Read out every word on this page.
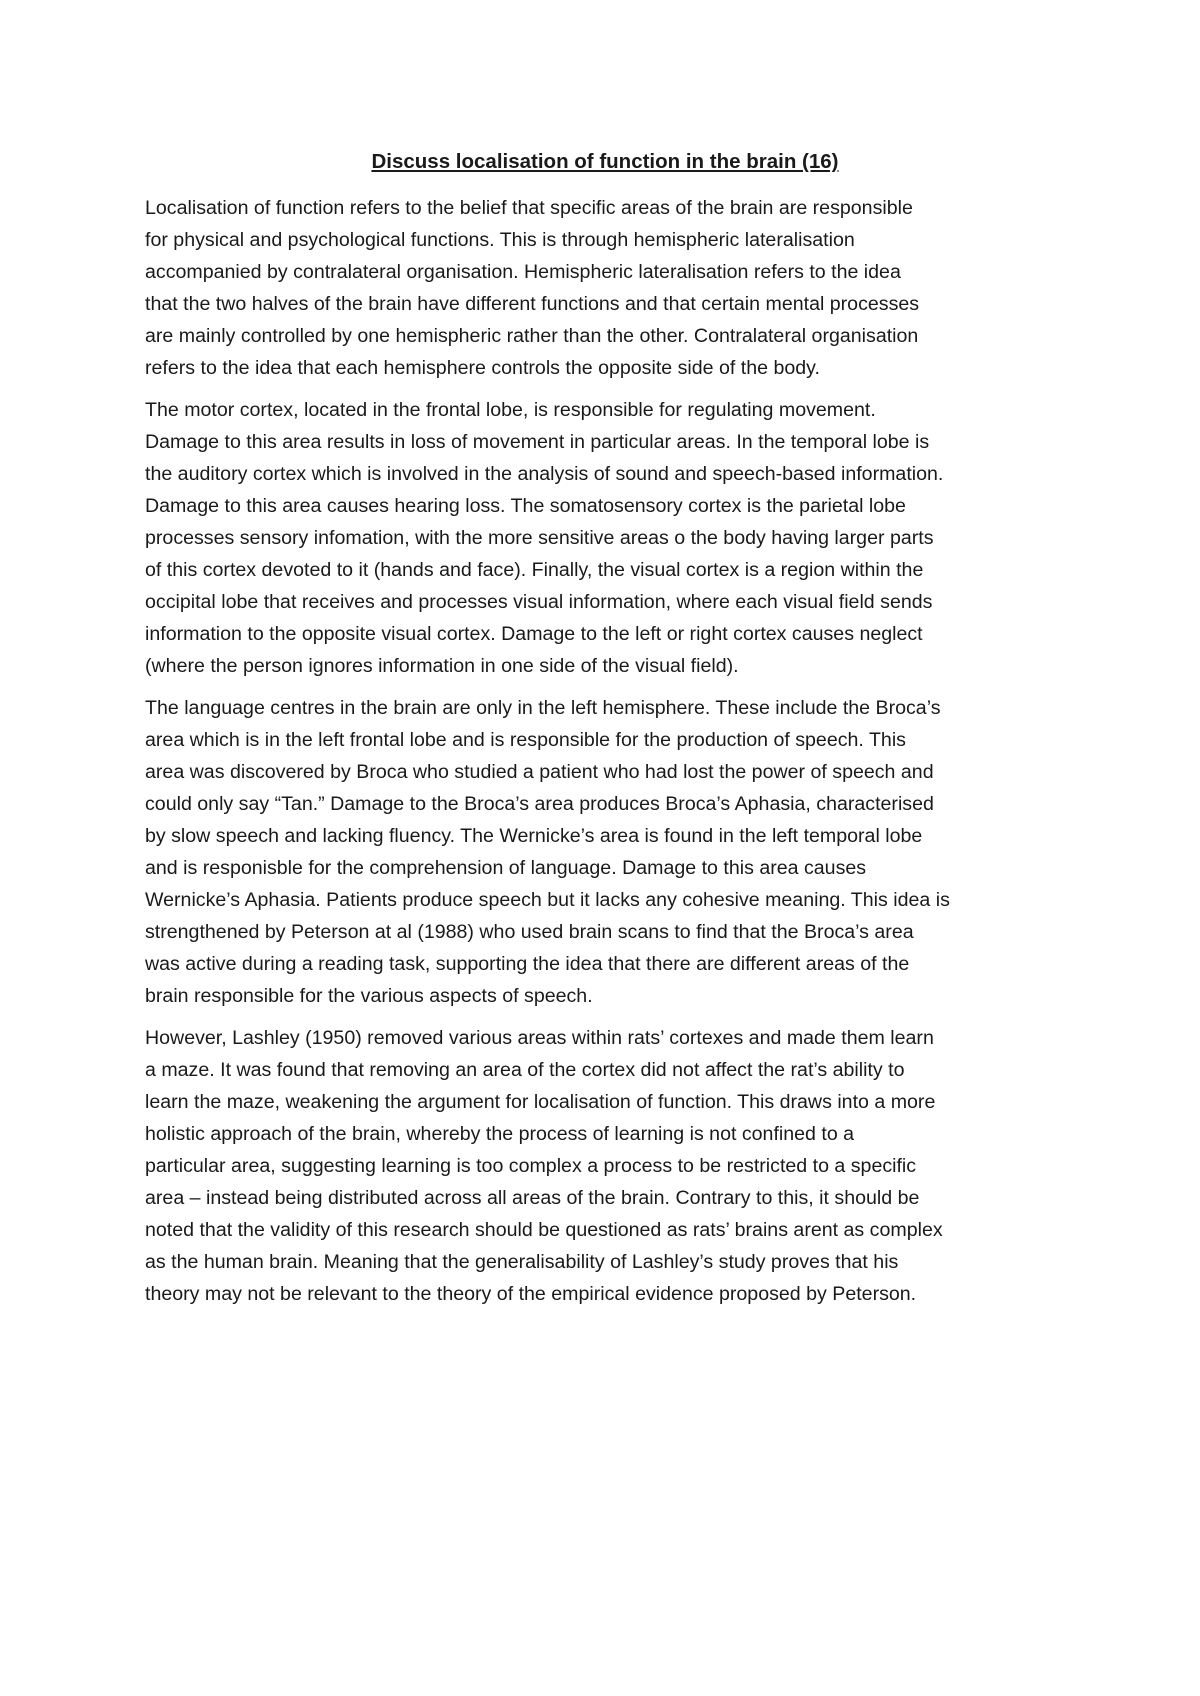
Discuss localisation of function in the brain (16)
Localisation of function refers to the belief that specific areas of the brain are responsible
for physical and psychological functions. This is through hemispheric lateralisation
accompanied by contralateral organisation. Hemispheric lateralisation refers to the idea
that the two halves of the brain have different functions and that certain mental processes
are mainly controlled by one hemispheric rather than the other. Contralateral organisation
refers to the idea that each hemisphere controls the opposite side of the body.
The motor cortex, located in the frontal lobe, is responsible for regulating movement.
Damage to this area results in loss of movement in particular areas. In the temporal lobe is
the auditory cortex which is involved in the analysis of sound and speech-based information.
Damage to this area causes hearing loss. The somatosensory cortex is the parietal lobe
processes sensory infomation, with the more sensitive areas o the body having larger parts
of this cortex devoted to it (hands and face). Finally, the visual cortex is a region within the
occipital lobe that receives and processes visual information, where each visual field sends
information to the opposite visual cortex. Damage to the left or right cortex causes neglect
(where the person ignores information in one side of the visual field).
The language centres in the brain are only in the left hemisphere. These include the Broca’s
area which is in the left frontal lobe and is responsible for the production of speech. This
area was discovered by Broca who studied a patient who had lost the power of speech and
could only say “Tan.” Damage to the Broca’s area produces Broca’s Aphasia, characterised
by slow speech and lacking fluency. The Wernicke’s area is found in the left temporal lobe
and is responisble for the comprehension of language. Damage to this area causes
Wernicke’s Aphasia. Patients produce speech but it lacks any cohesive meaning. This idea is
strengthened by Peterson at al (1988) who used brain scans to find that the Broca’s area
was active during a reading task, supporting the idea that there are different areas of the
brain responsible for the various aspects of speech.
However, Lashley (1950) removed various areas within rats’ cortexes and made them learn
a maze. It was found that removing an area of the cortex did not affect the rat’s ability to
learn the maze, weakening the argument for localisation of function. This draws into a more
holistic approach of the brain, whereby the process of learning is not confined to a
particular area, suggesting learning is too complex a process to be restricted to a specific
area – instead being distributed across all areas of the brain. Contrary to this, it should be
noted that the validity of this research should be questioned as rats’ brains arent as complex
as the human brain. Meaning that the generalisability of Lashley’s study proves that his
theory may not be relevant to the theory of the empirical evidence proposed by Peterson.
